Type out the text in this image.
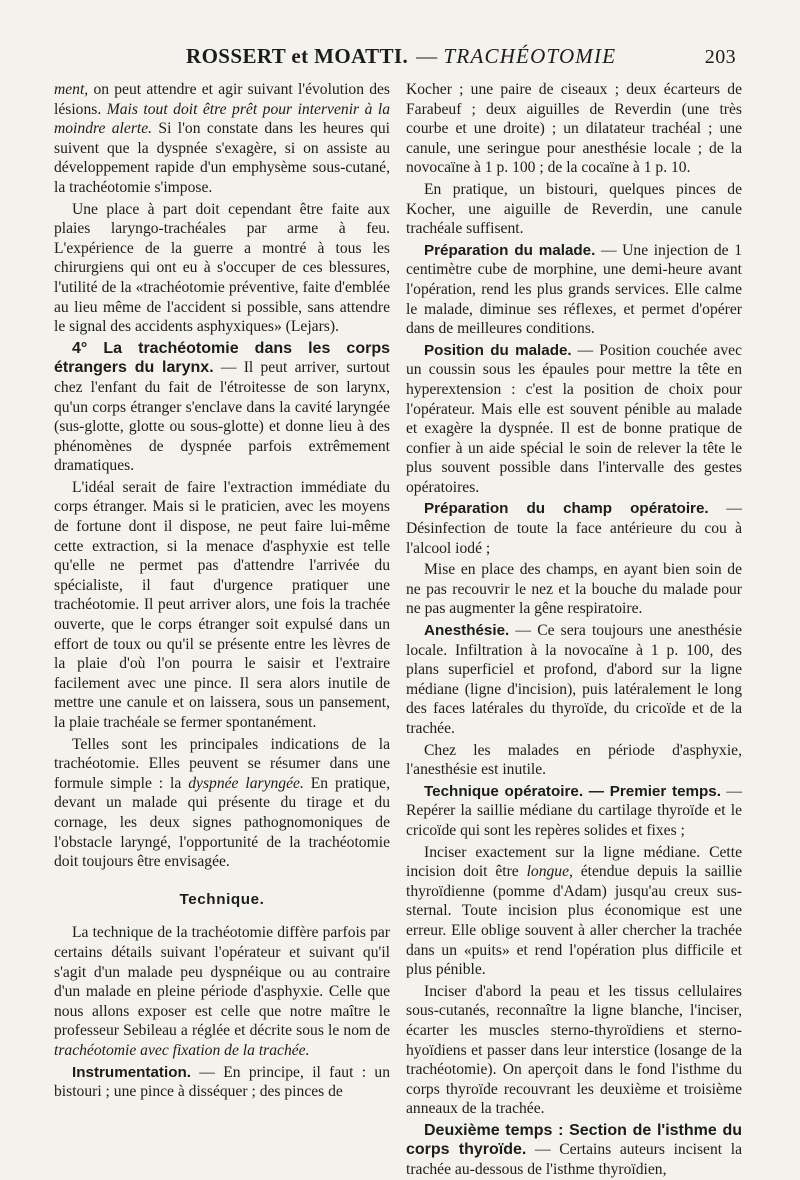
ROSSERT et MOATTI. — TRACHÉOTOMIE	203

ment, on peut attendre et agir suivant l'évolution des lésions. Mais tout doit être prêt pour intervenir à la moindre alerte. Si l'on constate dans les heures qui suivent que la dyspnée s'exagère, si on assiste au développement rapide d'un emphysème sous-cutané, la trachéotomie s'impose.

Une place à part doit cependant être faite aux plaies laryngo-trachéales par arme à feu. L'expérience de la guerre a montré à tous les chirurgiens qui ont eu à s'occuper de ces blessures, l'utilité de la «trachéotomie préventive, faite d'emblée au lieu même de l'accident si possible, sans attendre le signal des accidents asphyxiques» (Lejars).

4° La trachéotomie dans les corps étrangers du larynx. — Il peut arriver, surtout chez l'enfant du fait de l'étroitesse de son larynx, qu'un corps étranger s'enclave dans la cavité laryngée (sus-glotte, glotte ou sous-glotte) et donne lieu à des phénomènes de dyspnée parfois extrêmement dramatiques.

L'idéal serait de faire l'extraction immédiate du corps étranger. Mais si le praticien, avec les moyens de fortune dont il dispose, ne peut faire lui-même cette extraction, si la menace d'asphyxie est telle qu'elle ne permet pas d'attendre l'arrivée du spécialiste, il faut d'urgence pratiquer une trachéotomie. Il peut arriver alors, une fois la trachée ouverte, que le corps étranger soit expulsé dans un effort de toux ou qu'il se présente entre les lèvres de la plaie d'où l'on pourra le saisir et l'extraire facilement avec une pince. Il sera alors inutile de mettre une canule et on laissera, sous un pansement, la plaie trachéale se fermer spontanément.

Telles sont les principales indications de la trachéotomie. Elles peuvent se résumer dans une formule simple : la dyspnée laryngée. En pratique, devant un malade qui présente du tirage et du cornage, les deux signes pathognomoniques de l'obstacle laryngé, l'opportunité de la trachéotomie doit toujours être envisagée.

Technique.

La technique de la trachéotomie diffère parfois par certains détails suivant l'opérateur et suivant qu'il s'agit d'un malade peu dyspnéique ou au contraire d'un malade en pleine période d'asphyxie. Celle que nous allons exposer est celle que notre maître le professeur Sebileau a réglée et décrite sous le nom de trachéotomie avec fixation de la trachée.

Instrumentation. — En principe, il faut : un bistouri ; une pince à disséquer ; des pinces de

Kocher ; une paire de ciseaux ; deux écarteurs de Farabeuf ; deux aiguilles de Reverdin (une très courbe et une droite) ; un dilatateur trachéal ; une canule, une seringue pour anesthésie locale ; de la novocaïne à 1 p. 100 ; de la cocaïne à 1 p. 10.

En pratique, un bistouri, quelques pinces de Kocher, une aiguille de Reverdin, une canule trachéale suffisent.

Préparation du malade. — Une injection de 1 centimètre cube de morphine, une demi-heure avant l'opération, rend les plus grands services. Elle calme le malade, diminue ses réflexes, et permet d'opérer dans de meilleures conditions.

Position du malade. — Position couchée avec un coussin sous les épaules pour mettre la tête en hyperextension : c'est la position de choix pour l'opérateur. Mais elle est souvent pénible au malade et exagère la dyspnée. Il est de bonne pratique de confier à un aide spécial le soin de relever la tête le plus souvent possible dans l'intervalle des gestes opératoires.

Préparation du champ opératoire. — Désinfection de toute la face antérieure du cou à l'alcool iodé ;

Mise en place des champs, en ayant bien soin de ne pas recouvrir le nez et la bouche du malade pour ne pas augmenter la gêne respiratoire.

Anesthésie. — Ce sera toujours une anesthésie locale. Infiltration à la novocaïne à 1 p. 100, des plans superficiel et profond, d'abord sur la ligne médiane (ligne d'incision), puis latéralement le long des faces latérales du thyroïde, du cricoïde et de la trachée.

Chez les malades en période d'asphyxie, l'anesthésie est inutile.

Technique opératoire. — Premier temps. — Repérer la saillie médiane du cartilage thyroïde et le cricoïde qui sont les repères solides et fixes ;

Inciser exactement sur la ligne médiane. Cette incision doit être longue, étendue depuis la saillie thyroïdienne (pomme d'Adam) jusqu'au creux sus-sternal. Toute incision plus économique est une erreur. Elle oblige souvent à aller chercher la trachée dans un «puits» et rend l'opération plus difficile et plus pénible.

Inciser d'abord la peau et les tissus cellulaires sous-cutanés, reconnaître la ligne blanche, l'inciser, écarter les muscles sterno-thyroïdiens et sterno-hyoïdiens et passer dans leur interstice (losange de la trachéotomie). On aperçoit dans le fond l'isthme du corps thyroïde recouvrant les deuxième et troisième anneaux de la trachée.

Deuxième temps : Section de l'isthme du corps thyroïde. — Certains auteurs incisent la trachée au-dessous de l'isthme thyroïdien,
